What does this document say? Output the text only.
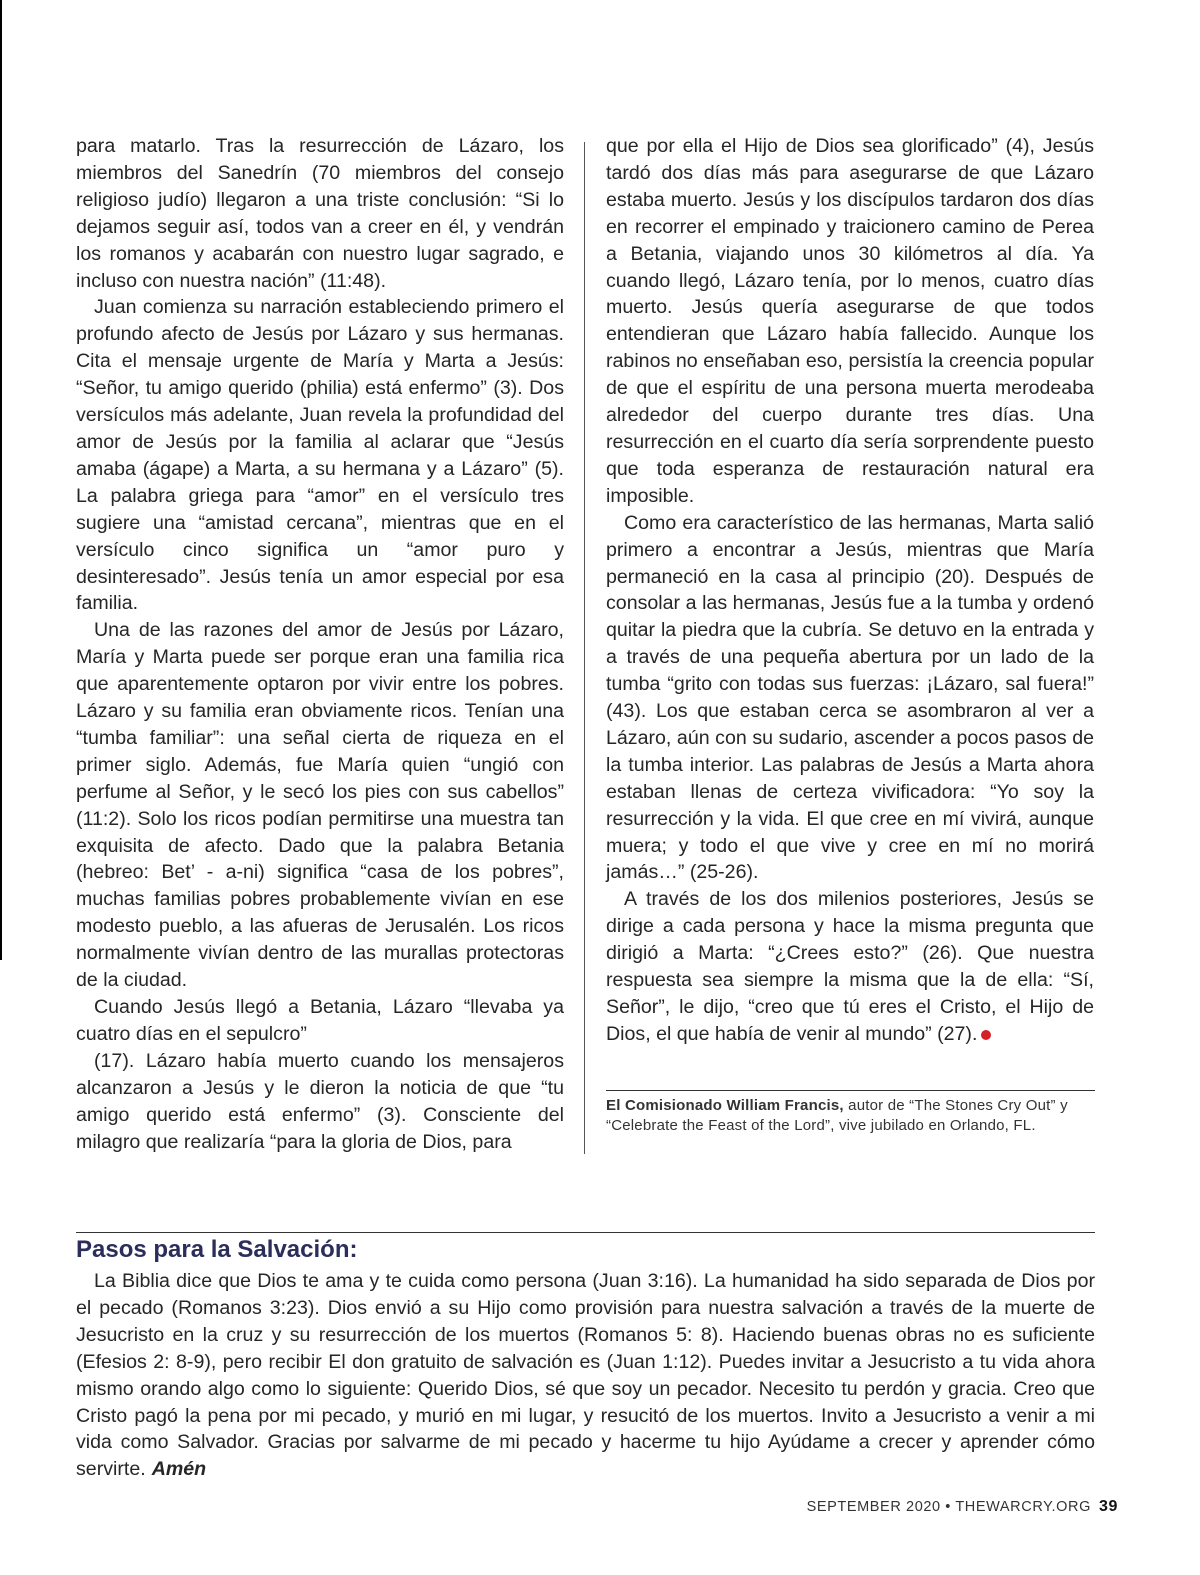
para matarlo. Tras la resurrección de Lázaro, los miembros del Sanedrín (70 miembros del consejo religioso judío) llegaron a una triste conclusión: “Si lo dejamos seguir así, todos van a creer en él, y vendrán los romanos y acabarán con nuestro lugar sagrado, e incluso con nuestra nación” (11:48).

Juan comienza su narración estableciendo primero el profundo afecto de Jesús por Lázaro y sus hermanas. Cita el mensaje urgente de María y Marta a Jesús: “Señor, tu amigo querido (philia) está enfermo” (3). Dos versículos más adelante, Juan revela la profundidad del amor de Jesús por la familia al aclarar que “Jesús amaba (ágape) a Marta, a su hermana y a Lázaro” (5). La palabra griega para “amor” en el versículo tres sugiere una “amistad cercana”, mientras que en el versículo cinco significa un “amor puro y desinteresado”. Jesús tenía un amor especial por esa familia.

Una de las razones del amor de Jesús por Lázaro, María y Marta puede ser porque eran una familia rica que aparentemente optaron por vivir entre los pobres. Lázaro y su familia eran obviamente ricos. Tenían una “tumba familiar”: una señal cierta de riqueza en el primer siglo. Además, fue María quien “ungió con perfume al Señor, y le secó los pies con sus cabellos” (11:2). Solo los ricos podían permitirse una muestra tan exquisita de afecto. Dado que la palabra Betania (hebreo: Bet’ - a-ni) significa “casa de los pobres”, muchas familias pobres probablemente vivían en ese modesto pueblo, a las afueras de Jerusalén. Los ricos normalmente vivían dentro de las murallas protectoras de la ciudad.

Cuando Jesús llegó a Betania, Lázaro “llevaba ya cuatro días en el sepulcro”

(17). Lázaro había muerto cuando los mensajeros alcanzaron a Jesús y le dieron la noticia de que “tu amigo querido está enfermo” (3). Consciente del milagro que realizaría “para la gloria de Dios, para

que por ella el Hijo de Dios sea glorificado” (4), Jesús tardó dos días más para asegurarse de que Lázaro estaba muerto. Jesús y los discípulos tardaron dos días en recorrer el empinado y traicionero camino de Perea a Betania, viajando unos 30 kilómetros al día. Ya cuando llegó, Lázaro tenía, por lo menos, cuatro días muerto. Jesús quería asegurarse de que todos entendieran que Lázaro había fallecido. Aunque los rabinos no enseñaban eso, persistía la creencia popular de que el espíritu de una persona muerta merodeaba alrededor del cuerpo durante tres días. Una resurrección en el cuarto día sería sorprendente puesto que toda esperanza de restauración natural era imposible.

Como era característico de las hermanas, Marta salió primero a encontrar a Jesús, mientras que María permaneció en la casa al principio (20). Después de consolar a las hermanas, Jesús fue a la tumba y ordenó quitar la piedra que la cubría. Se detuvo en la entrada y a través de una pequeña abertura por un lado de la tumba “grito con todas sus fuerzas: ¡Lázaro, sal fuera!” (43). Los que estaban cerca se asombraron al ver a Lázaro, aún con su sudario, ascender a pocos pasos de la tumba interior. Las palabras de Jesús a Marta ahora estaban llenas de certeza vivificadora: “Yo soy la resurrección y la vida. El que cree en mí vivirá, aunque muera; y todo el que vive y cree en mí no morirá jamás…” (25-26).

A través de los dos milenios posteriores, Jesús se dirige a cada persona y hace la misma pregunta que dirigió a Marta: “¿Crees esto?” (26). Que nuestra respuesta sea siempre la misma que la de ella: “Sí, Señor”, le dijo, “creo que tú eres el Cristo, el Hijo de Dios, el que había de venir al mundo” (27).

El Comisionado William Francis, autor de “The Stones Cry Out” y “Celebrate the Feast of the Lord”, vive jubilado en Orlando, FL.

Pasos para la Salvación:

La Biblia dice que Dios te ama y te cuida como persona (Juan 3:16). La humanidad ha sido separada de Dios por el pecado (Romanos 3:23). Dios envió a su Hijo como provisión para nuestra salvación a través de la muerte de Jesucristo en la cruz y su resurrección de los muertos (Romanos 5: 8). Haciendo buenas obras no es suficiente (Efesios 2: 8-9), pero recibir El don gratuito de salvación es (Juan 1:12). Puedes invitar a Jesucristo a tu vida ahora mismo orando algo como lo siguiente: Querido Dios, sé que soy un pecador. Necesito tu perdón y gracia. Creo que Cristo pagó la pena por mi pecado, y murió en mi lugar, y resucitó de los muertos. Invito a Jesucristo a venir a mi vida como Salvador. Gracias por salvarme de mi pecado y hacerme tu hijo Ayúdame a crecer y aprender cómo servirte. Amén

SEPTEMBER 2020 • THEWARCRY.ORG 39
